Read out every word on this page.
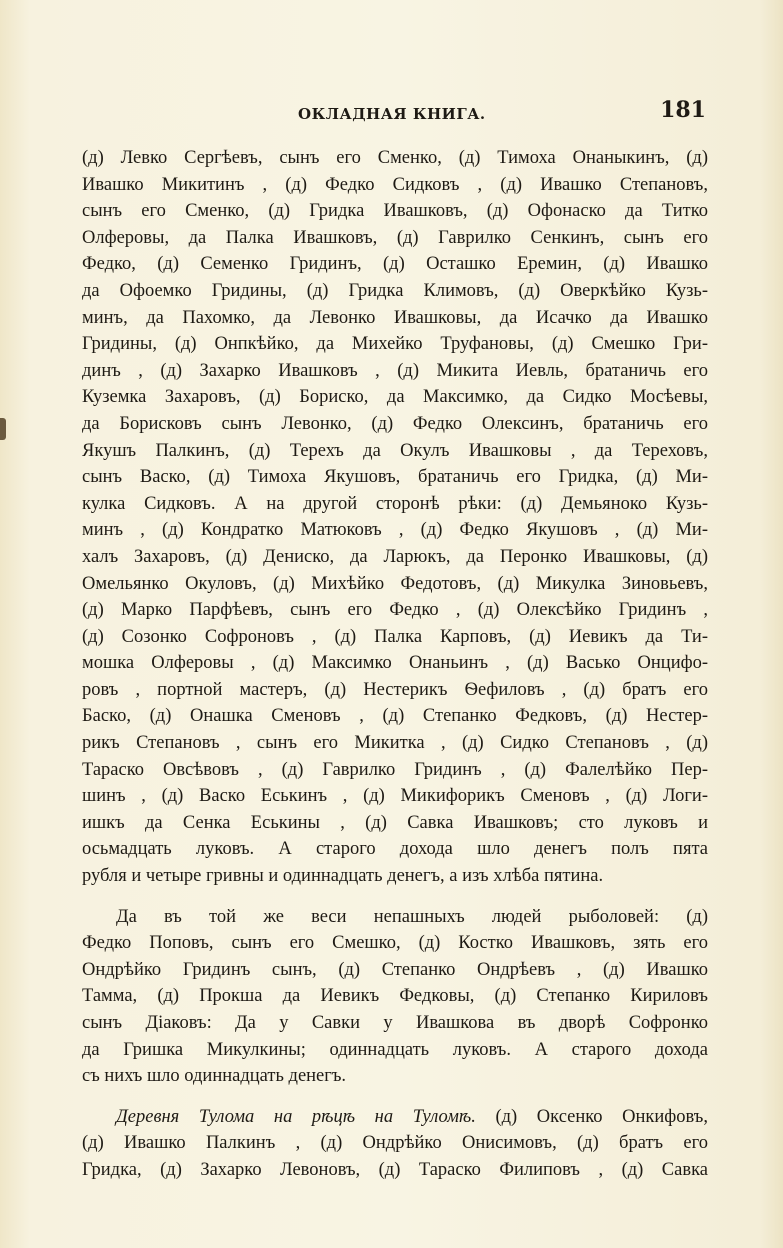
ОКЛАДНАЯ КНИГА.	181
(д) Левко Сергѣевъ, сынъ его Сменко, (д) Тимоха Онаныкинъ, (д)
Ивашко Микитинъ , (д) Федко Сидковъ , (д) Ивашко Степановъ,
сынъ его Сменко, (д) Гридка Ивашковъ, (д) Офонаско да Титко
Олферовы, да Палка Ивашковъ, (д) Гаврилко Сенкинъ, сынъ его
Федко, (д) Семенко Гридинъ, (д) Осташко Еремин, (д) Ивашко
да Офоемко Гридины, (д) Гридка Климовъ, (д) Оверкѣйко Кузь-
минъ, да Пахомко, да Левонко Ивашковы, да Исачко да Ивашко
Гридины, (д) Онпкѣйко, да Михейко Труфановы, (д) Смешко Гри-
динъ , (д) Захарко Ивашковъ , (д) Микита Иевль, братаничь его
Куземка Захаровъ, (д) Бориско, да Максимко, да Сидко Мосѣевы,
да Борисковъ сынъ Левонко, (д) Федко Олексинъ, братаничь его
Якушъ Палкинъ, (д) Терехъ да Окулъ Ивашковы , да Тереховъ,
сынъ Васко, (д) Тимоха Якушовъ, братаничь его Гридка, (д) Ми-
кулка Сидковъ. А на другой сторонѣ рѣки: (д) Демьяноко Кузь-
минъ , (д) Кондратко Матюковъ , (д) Федко Якушовъ , (д) Ми-
халъ Захаровъ, (д) Дениско, да Ларюкъ, да Перонко Ивашковы, (д)
Омельянко Окуловъ, (д) Михѣйко Федотовъ, (д) Микулка Зиновьевъ,
(д) Марко Парфѣевъ, сынъ его Федко , (д) Олексѣйко Гридинъ ,
(д) Созонко Софроновъ , (д) Палка Карповъ, (д) Иевикъ да Ти-
мошка Олферовы , (д) Максимко Онаньинъ , (д) Васько Онцифо-
ровъ , портной мастеръ, (д) Нестерикъ Ѳефиловъ , (д) братъ его
Баско, (д) Онашка Сменовъ , (д) Степанко Федковъ, (д) Нестер-
рикъ Степановъ , сынъ его Микитка , (д) Сидко Степановъ , (д)
Тараско Овсѣвовъ , (д) Гаврилко Гридинъ , (д) Фалелѣйко Пер-
шинъ , (д) Васко Еськинъ , (д) Микифорикъ Сменовъ , (д) Логи-
ишкъ да Сенка Еськины , (д) Савка Ивашковъ; сто луковъ и
осьмадцать луковъ. А старого дохода шло денегъ полъ пята
рубля и четыре гривны и одиннадцать денегъ, а изъ хлѣба пятина.
Да въ той же веси непашныхъ людей рыболовей: (д)
Федко Поповъ, сынъ его Смешко, (д) Костко Ивашковъ, зять его
Ондрѣйко Гридинъ сынъ, (д) Степанко Ондрѣевъ , (д) Ивашко
Тамма, (д) Прокша да Иевикъ Федковы, (д) Степанко Кириловъ
сынъ Діаковъ: Да у Савки у Ивашкова въ дворѣ Софронко
да Гришка Микулкины; одиннадцать луковъ. А старого дохода
съ нихъ шло одиннадцать денегъ.
Деревня Тулома на рѣцѣ на Туломѣ. (д) Оксенко Онкифовъ,
(д) Ивашко Палкинъ , (д) Ондрѣйко Онисимовъ, (д) братъ его
Гридка, (д) Захарко Левоновъ, (д) Тараско Филиповъ , (д) Савка
